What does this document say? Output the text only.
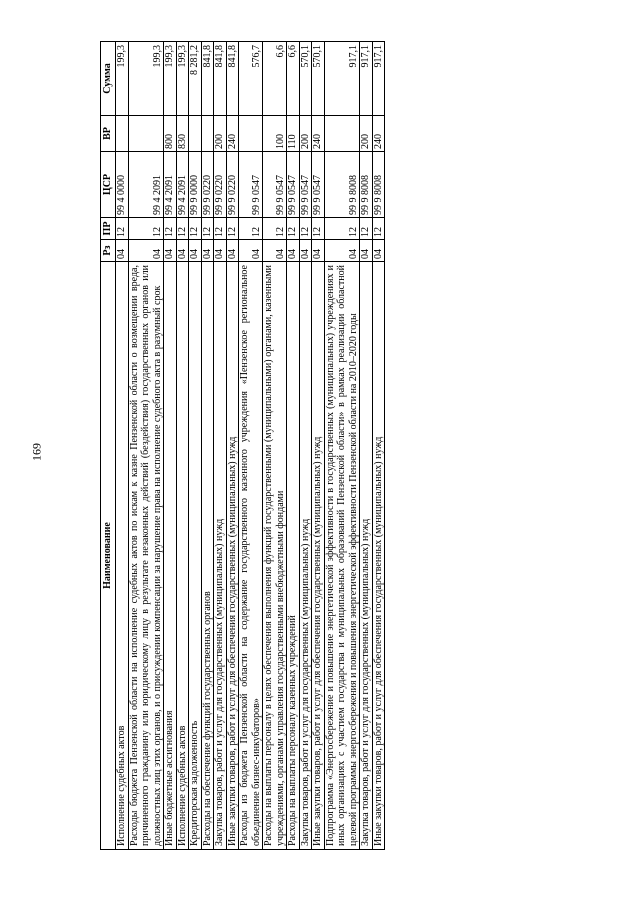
169
Наименование	Рз	ПР	ЦСР	ВР	Сумма
Исполнение судебных актов	04	12	99 4 0000		199,3
Расходы бюджета Пензенской области на исполнение судебных актов по искам к казне Пензенской области о возмещении вреда, причиненного гражданину или юридическому лицу в результате незаконных действий (бездействия) государственных органов или должностных лиц этих органов, и о присуждении компенсации за нарушение права на исполнение судебного акта в разумный срок	04	12	99 4 2091		199,3
Иные бюджетные ассигнования	04	12	99 4 2091	800	199,3
Исполнение судебных актов	04	12	99 4 2091	830	199,3
Кредиторская задолженность	04	12	99 9 0000		8 281,2
Расходы на обеспечение функций государственных органов	04	12	99 9 0220		841,8
Закупка товаров, работ и услуг для государственных (муниципальных) нужд	04	12	99 9 0220	200	841,8
Иные закупки товаров, работ и услуг для обеспечения государственных (муниципальных) нужд	04	12	99 9 0220	240	841,8
Расходы из бюджета Пензенской области на содержание государственного казенного учреждения «Пензенское региональное объединение бизнес-инкубаторов»	04	12	99 9 0547		576,7
Расходы на выплаты персоналу в целях обеспечения выполнения функций государственными (муниципальными) органами, казенными учреждениями, органами управления государственными внебюджетными фондами	04	12	99 9 0547	100	6,6
Расходы на выплаты персоналу казенных учреждений	04	12	99 9 0547	110	6,6
Закупка товаров, работ и услуг для государственных (муниципальных) нужд	04	12	99 9 0547	200	570,1
Иные закупки товаров, работ и услуг для обеспечения государственных (муниципальных) нужд	04	12	99 9 0547	240	570,1
Подпрограмма «Энергосбережение и повышение энергетической эффективности в государственных (муниципальных) учреждениях и иных организациях с участием государства и муниципальных образований Пензенской области» в рамках реализации областной целевой программы энергосбережения и повышения энергетической эффективности Пензенской области на 2010–2020 годы	04	12	99 9 8008		917,1
Закупка товаров, работ и услуг для государственных (муниципальных) нужд	04	12	99 9 8008	200	917,1
Иные закупки товаров, работ и услуг для обеспечения государственных (муниципальных) нужд	04	12	99 9 8008	240	917,1
